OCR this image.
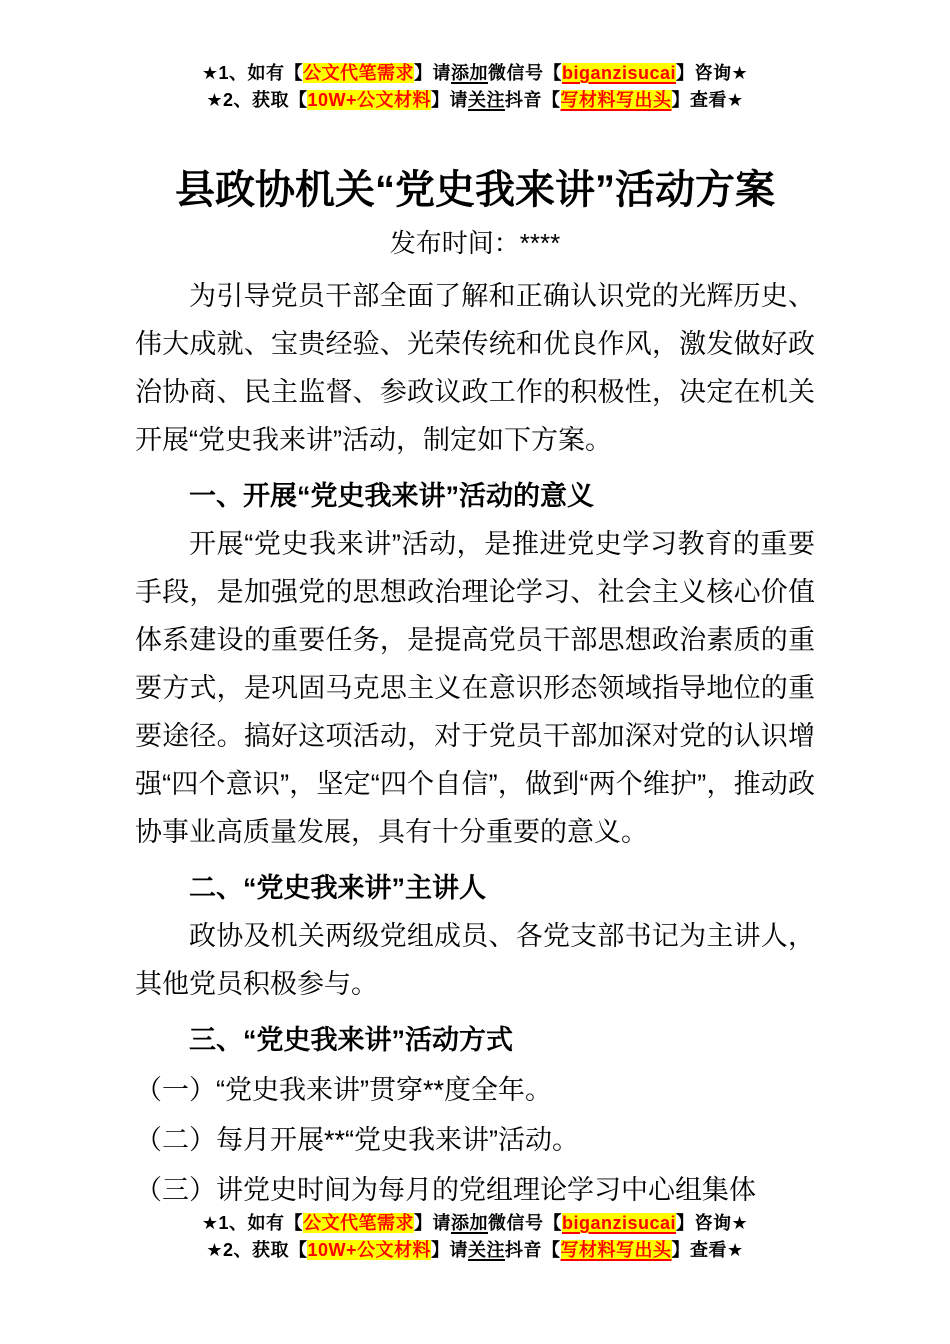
★1、如有【公文代笔需求】请添加微信号【biganzisucai】咨询★
★2、获取【10W+公文材料】请关注抖音【写材料写出头】查看★
县政协机关“党史我来讲”活动方案
发布时间：****

为引导党员干部全面了解和正确认识党的光辉历史、伟大成就、宝贵经验、光荣传统和优良作风，激发做好政治协商、民主监督、参政议政工作的积极性，决定在机关开展“党史我来讲”活动，制定如下方案。

一、开展“党史我来讲”活动的意义

开展“党史我来讲”活动，是推进党史学习教育的重要手段，是加强党的思想政治理论学习、社会主义核心价值体系建设的重要任务，是提高党员干部思想政治素质的重要方式，是巩固马克思主义在意识形态领域指导地位的重要途径。搞好这项活动，对于党员干部加深对党的认识增强“四个意识”，坚定“四个自信”，做到“两个维护”，推动政协事业高质量发展，具有十分重要的意义。

二、“党史我来讲”主讲人

政协及机关两级党组成员、各党支部书记为主讲人，其他党员积极参与。

三、“党史我来讲”活动方式

（一）“党史我来讲”贯穿**度全年。

（二）每月开展**“党史我来讲”活动。

（三）讲党史时间为每月的党组理论学习中心组集体

★1、如有【公文代笔需求】请添加微信号【biganzisucai】咨询★
★2、获取【10W+公文材料】请关注抖音【写材料写出头】查看★
